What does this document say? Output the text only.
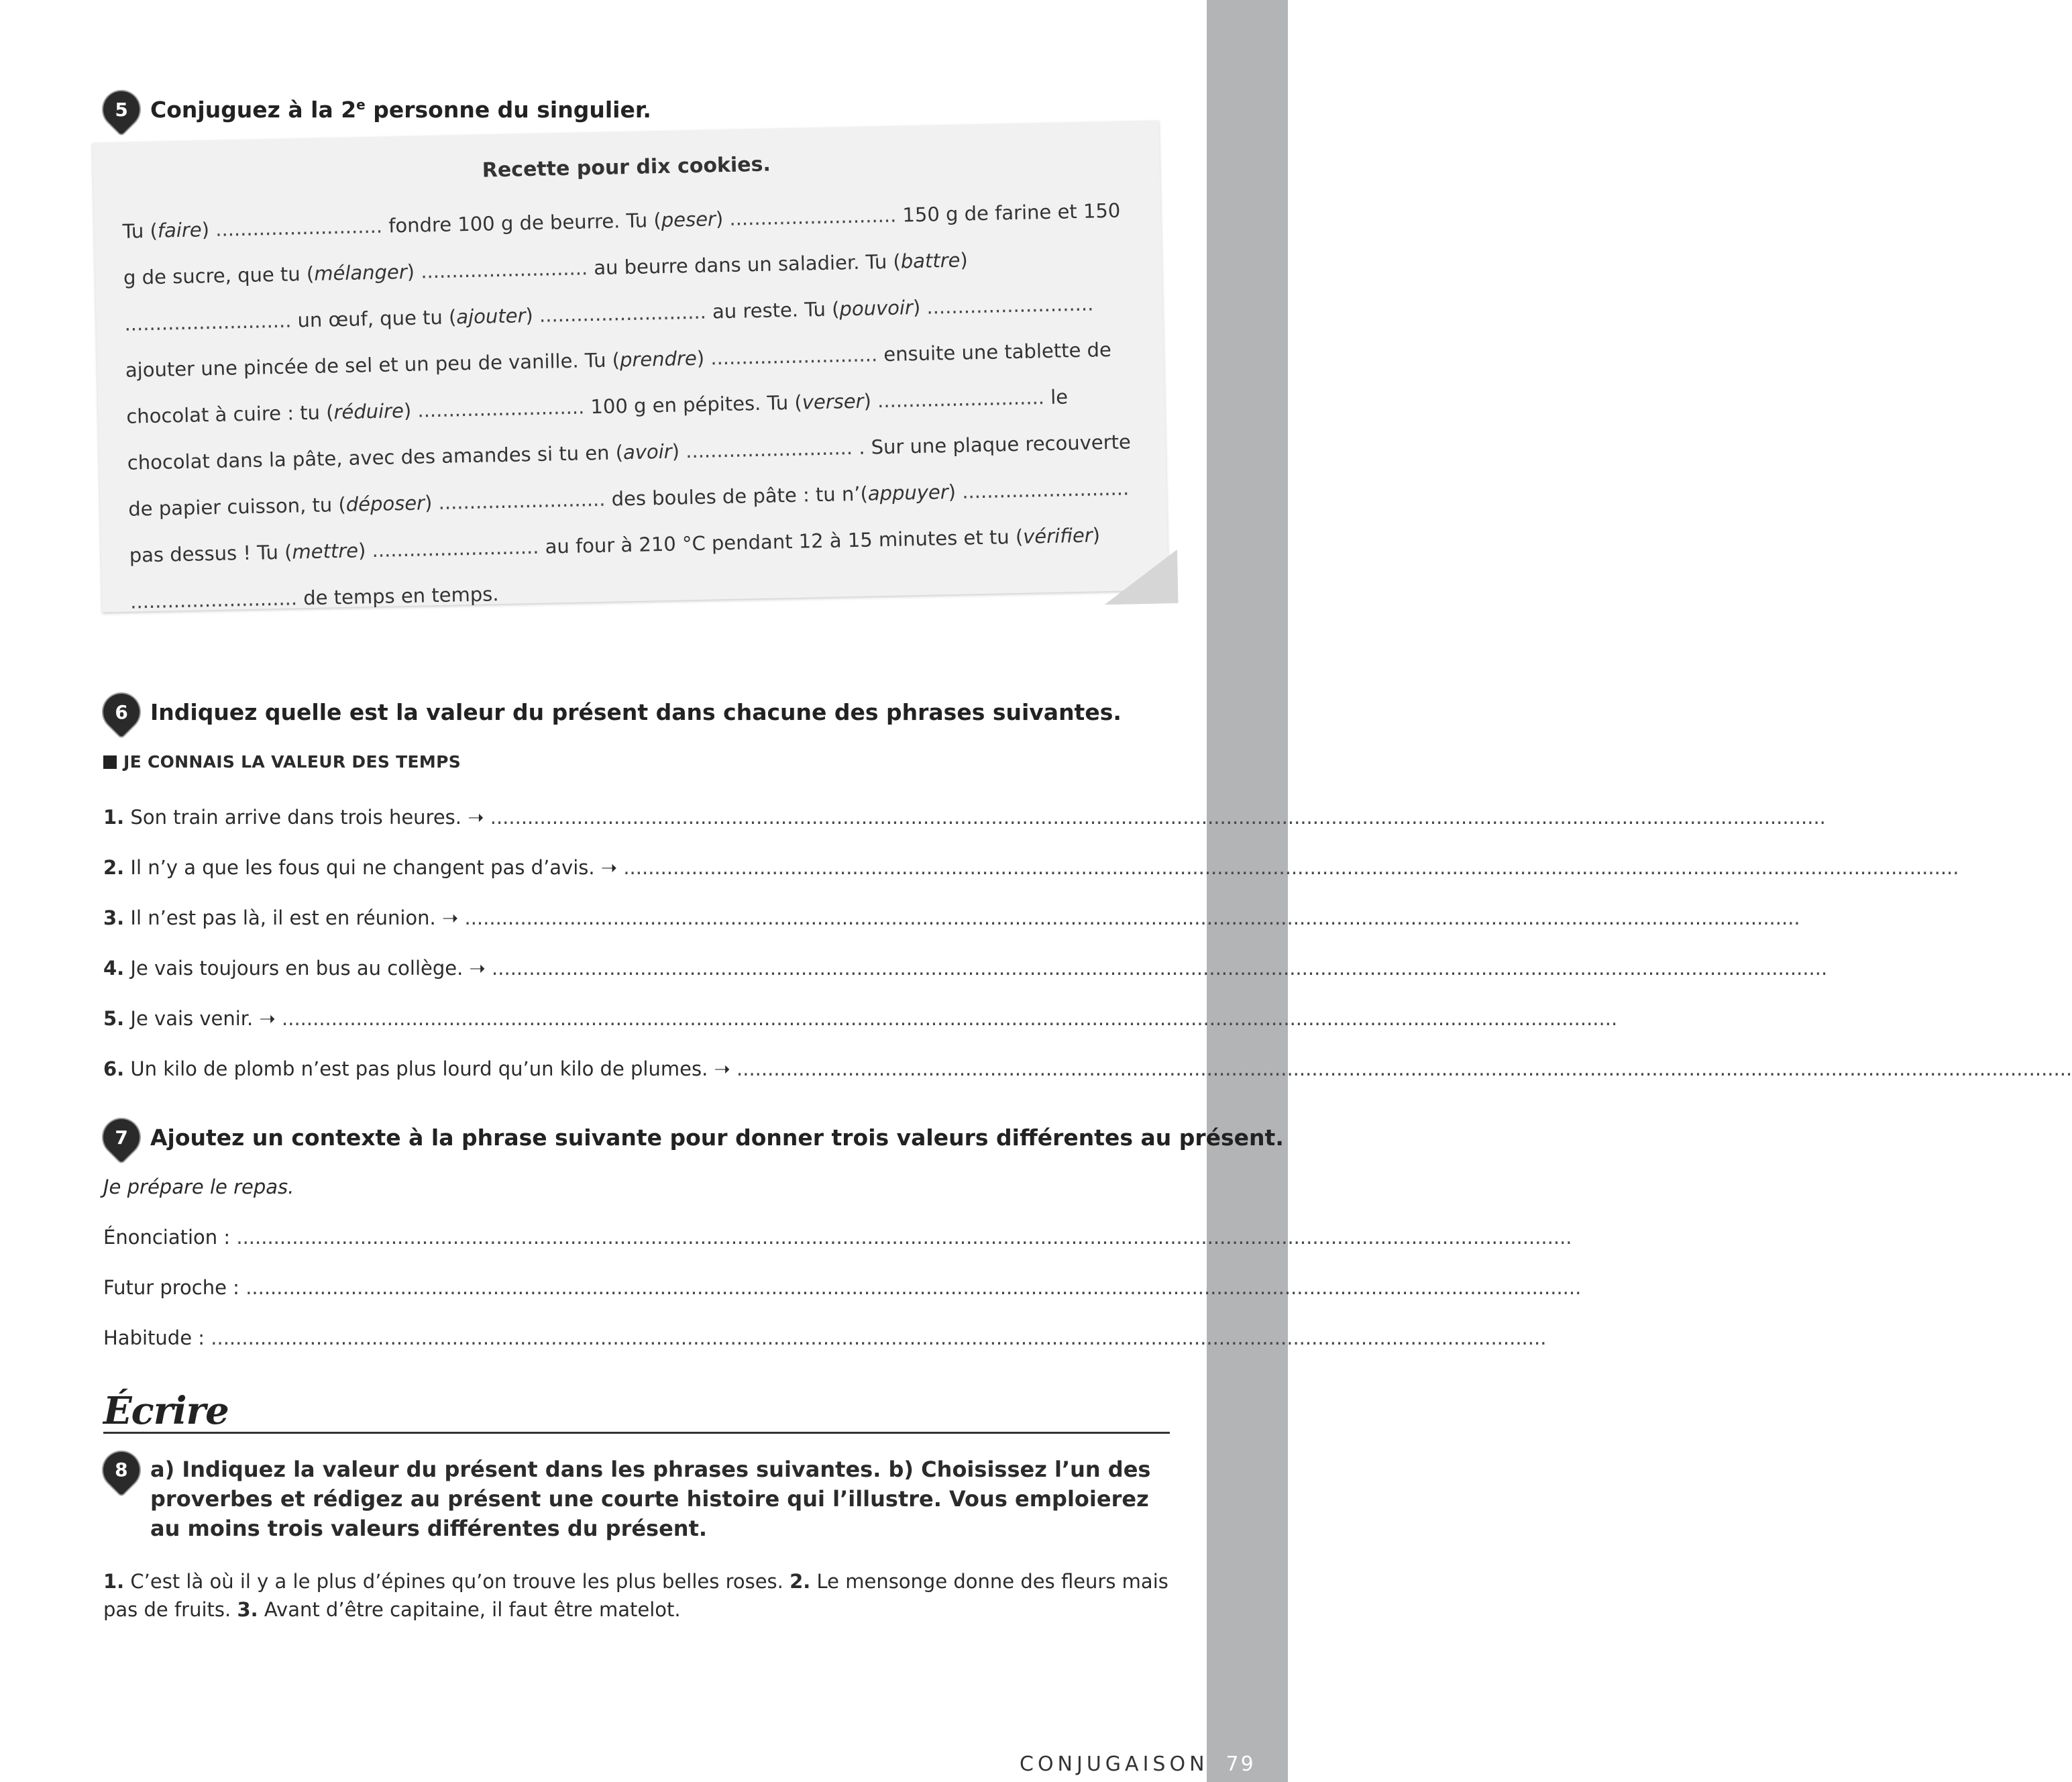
5 Conjuguez à la 2e personne du singulier.
Recette pour dix cookies.
Tu (faire) ........................... fondre 100 g de beurre. Tu (peser) ........................... 150 g de farine et 150 g de sucre, que tu (mélanger) ........................... au beurre dans un saladier. Tu (battre) ........................... un œuf, que tu (ajouter) ........................... au reste. Tu (pouvoir) ........................... ajouter une pincée de sel et un peu de vanille. Tu (prendre) ........................... ensuite une tablette de chocolat à cuire : tu (réduire) ........................... 100 g en pépites. Tu (verser) ........................... le chocolat dans la pâte, avec des amandes si tu en (avoir) ........................... . Sur une plaque recouverte de papier cuisson, tu (déposer) ........................... des boules de pâte : tu n’(appuyer) ........................... pas dessus ! Tu (mettre) ........................... au four à 210 °C pendant 12 à 15 minutes et tu (vérifier) ........................... de temps en temps.
6 Indiquez quelle est la valeur du présent dans chacune des phrases suivantes.
JE CONNAIS LA VALEUR DES TEMPS
1. Son train arrive dans trois heures. ➝ ........................................................................................................................................................................................................................
2. Il n’y a que les fous qui ne changent pas d’avis. ➝ ........................................................................................................................................................................................................................
3. Il n’est pas là, il est en réunion. ➝ ........................................................................................................................................................................................................................
4. Je vais toujours en bus au collège. ➝ ........................................................................................................................................................................................................................
5. Je vais venir. ➝ ........................................................................................................................................................................................................................
6. Un kilo de plomb n’est pas plus lourd qu’un kilo de plumes. ➝ ........................................................................................................................................................................................................................
7 Ajoutez un contexte à la phrase suivante pour donner trois valeurs différentes au présent.
Je prépare le repas.
Énonciation : ........................................................................................................................................................................................................................
Futur proche : ........................................................................................................................................................................................................................
Habitude : ........................................................................................................................................................................................................................
Écrire
8 a) Indiquez la valeur du présent dans les phrases suivantes. b) Choisissez l’un des proverbes et rédigez au présent une courte histoire qui l’illustre. Vous emploierez au moins trois valeurs différentes du présent.
1. C’est là où il y a le plus d’épines qu’on trouve les plus belles roses. 2. Le mensonge donne des fleurs mais pas de fruits. 3. Avant d’être capitaine, il faut être matelot.
CONJUGAISON 79
